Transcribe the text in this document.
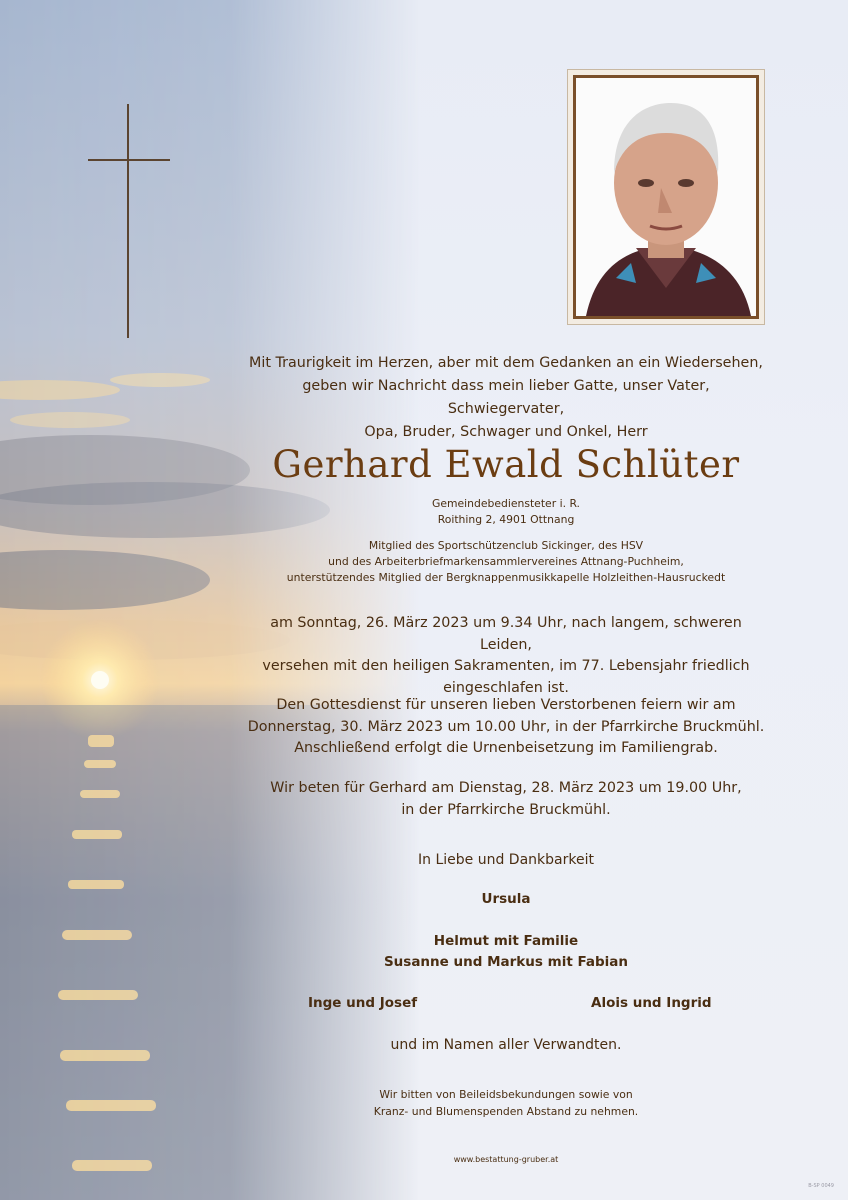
Mit Traurigkeit im Herzen, aber mit dem Gedanken an ein Wiedersehen,
geben wir Nachricht dass mein lieber Gatte, unser Vater, Schwiegervater,
Opa, Bruder, Schwager und Onkel, Herr
Gerhard Ewald Schlüter
Gemeindebediensteter i. R.
Roithing 2, 4901 Ottnang
Mitglied des Sportschützenclub Sickinger, des HSV
und des Arbeiterbriefmarkensammlervereines Attnang-Puchheim,
unterstützendes Mitglied der Bergknappenmusikkapelle Holzleithen-Hausruckedt
am Sonntag, 26. März 2023 um 9.34 Uhr, nach langem, schweren Leiden,
versehen mit den heiligen Sakramenten, im 77. Lebensjahr friedlich
eingeschlafen ist.
Den Gottesdienst für unseren lieben Verstorbenen feiern wir am
Donnerstag, 30. März 2023 um 10.00 Uhr, in der Pfarrkirche Bruckmühl.
Anschließend erfolgt die Urnenbeisetzung im Familiengrab.
Wir beten für Gerhard am Dienstag, 28. März 2023 um 19.00 Uhr,
in der Pfarrkirche Bruckmühl.
In Liebe und Dankbarkeit
Ursula
Helmut mit Familie
Susanne und Markus mit Fabian
Inge und Josef	Alois und Ingrid
und im Namen aller Verwandten.
Wir bitten von Beileidsbekundungen sowie von
Kranz- und Blumenspenden Abstand zu nehmen.
www.bestattung-gruber.at
B-SP 0049
